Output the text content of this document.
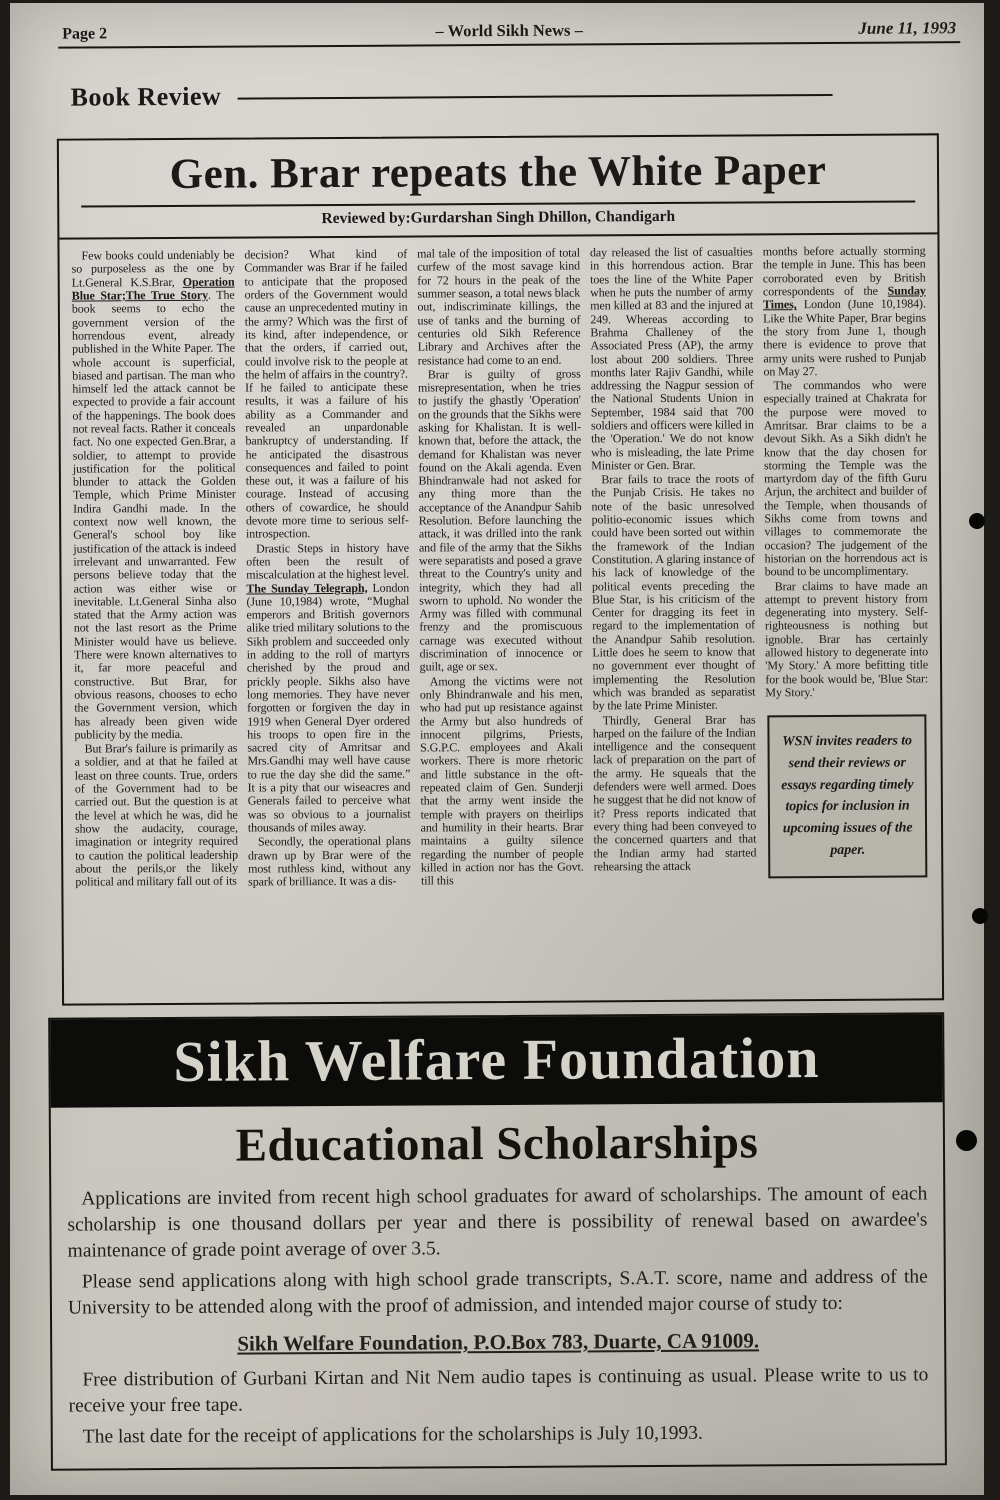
Page 2	– World Sikh News –	June 11, 1993
Book Review
Gen. Brar repeats the White Paper
Reviewed by:Gurdarshan Singh Dhillon, Chandigarh

Few books could undeniably be so purposeless as the one by Lt.General K.S.Brar, Operation Blue Star;The True Story. The book seems to echo the government version of the horrendous event, already published in the White Paper. The whole account is superficial, biased and partisan. The man who himself led the attack cannot be expected to provide a fair account of the happenings. The book does not reveal facts. Rather it conceals fact. No one expected Gen.Brar, a soldier, to attempt to provide justification for the political blunder to attack the Golden Temple, which Prime Minister Indira Gandhi made. In the context now well known, the General's school boy like justification of the attack is indeed irrelevant and unwarranted. Few persons believe today that the action was either wise or inevitable. Lt.General Sinha also stated that the Army action was not the last resort as the Prime Minister would have us believe. There were known alternatives to it, far more peaceful and constructive. But Brar, for obvious reasons, chooses to echo the Government version, which has already been given wide publicity by the media.

But Brar's failure is primarily as a soldier, and at that he failed at least on three counts. True, orders of the Government had to be carried out. But the question is at the level at which he was, did he show the audacity, courage, imagination or integrity required to caution the political leadership about the perils,or the likely political and military fall out of its

decision? What kind of Commander was Brar if he failed to anticipate that the proposed orders of the Government would cause an unprecedented mutiny in the army? Which was the first of its kind, after independence, or that the orders, if carried out, could involve risk to the people at the helm of affairs in the country?. If he failed to anticipate these results, it was a failure of his ability as a Commander and revealed an unpardonable bankruptcy of understanding. If he anticipated the disastrous consequences and failed to point these out, it was a failure of his courage. Instead of accusing others of cowardice, he should devote more time to serious self-introspection.

Drastic Steps in history have often been the result of miscalculation at the highest level. The Sunday Telegraph, London (June 10,1984) wrote, “Mughal emperors and British governors alike tried military solutions to the Sikh problem and succeeded only in adding to the roll of martyrs cherished by the proud and prickly people. Sikhs also have long memories. They have never forgotten or forgiven the day in 1919 when General Dyer ordered his troops to open fire in the sacred city of Amritsar and Mrs.Gandhi may well have cause to rue the day she did the same.” It is a pity that our wiseacres and Generals failed to perceive what was so obvious to a journalist thousands of miles away.

Secondly, the operational plans drawn up by Brar were of the most ruthless kind, without any spark of brilliance. It was a dis-

mal tale of the imposition of total curfew of the most savage kind for 72 hours in the peak of the summer season, a total news black out, indiscriminate killings, the use of tanks and the burning of centuries old Sikh Reference Library and Archives after the resistance had come to an end.

Brar is guilty of gross misrepresentation, when he tries to justify the ghastly 'Operation' on the grounds that the Sikhs were asking for Khalistan. It is well-known that, before the attack, the demand for Khalistan was never found on the Akali agenda. Even Bhindranwale had not asked for any thing more than the acceptance of the Anandpur Sahib Resolution. Before launching the attack, it was drilled into the rank and file of the army that the Sikhs were separatists and posed a grave threat to the Country's unity and integrity, which they had all sworn to uphold. No wonder the Army was filled with communal frenzy and the promiscuous carnage was executed without discrimination of innocence or guilt, age or sex.

Among the victims were not only Bhindranwale and his men, who had put up resistance against the Army but also hundreds of innocent pilgrims, Priests, S.G.P.C. employees and Akali workers. There is more rhetoric and little substance in the oft-repeated claim of Gen. Sunderji that the army went inside the temple with prayers on theirlips and humility in their hearts. Brar maintains a guilty silence regarding the number of people killed in action nor has the Govt. till this

day released the list of casualties in this horrendous action. Brar toes the line of the White Paper when he puts the number of army men killed at 83 and the injured at 249. Whereas according to Brahma Challeney of the Associated Press (AP), the army lost about 200 soldiers. Three months later Rajiv Gandhi, while addressing the Nagpur session of the National Students Union in September, 1984 said that 700 soldiers and officers were killed in the 'Operation.' We do not know who is misleading, the late Prime Minister or Gen. Brar.

Brar fails to trace the roots of the Punjab Crisis. He takes no note of the basic unresolved politio-economic issues which could have been sorted out within the framework of the Indian Constitution. A glaring instance of his lack of knowledge of the political events preceding the Blue Star, is his criticism of the Center for dragging its feet in regard to the implementation of the Anandpur Sahib resolution. Little does he seem to know that no government ever thought of implementing the Resolution which was branded as separatist by the late Prime Minister.

Thirdly, General Brar has harped on the failure of the Indian intelligence and the consequent lack of preparation on the part of the army. He squeals that the defenders were well armed. Does he suggest that he did not know of it? Press reports indicated that every thing had been conveyed to the concerned quarters and that the Indian army had started rehearsing the attack

months before actually storming the temple in June. This has been corroborated even by British correspondents of the Sunday Times, London (June 10,1984). Like the White Paper, Brar begins the story from June 1, though there is evidence to prove that army units were rushed to Punjab on May 27.

The commandos who were especially trained at Chakrata for the purpose were moved to Amritsar. Brar claims to be a devout Sikh. As a Sikh didn't he know that the day chosen for storming the Temple was the martyrdom day of the fifth Guru Arjun, the architect and builder of the Temple, when thousands of Sikhs come from towns and villages to commemorate the occasion? The judgement of the historian on the horrendous act is bound to be uncomplimentary.

Brar claims to have made an attempt to prevent history from degenerating into mystery. Self-righteousness is nothing but ignoble. Brar has certainly allowed history to degenerate into 'My Story.' A more befitting title for the book would be, 'Blue Star: My Story.'

WSN invites readers to send their reviews or essays regarding timely topics for inclusion in upcoming issues of the paper.

Sikh Welfare Foundation
Educational Scholarships

Applications are invited from recent high school graduates for award of scholarships. The amount of each scholarship is one thousand dollars per year and there is possibility of renewal based on awardee's maintenance of grade point average of over 3.5.

Please send applications along with high school grade transcripts, S.A.T. score, name and address of the University to be attended along with the proof of admission, and intended major course of study to:

Sikh Welfare Foundation, P.O.Box 783, Duarte, CA 91009.

Free distribution of Gurbani Kirtan and Nit Nem audio tapes is continuing as usual. Please write to us to receive your free tape.

The last date for the receipt of applications for the scholarships is July 10,1993.
